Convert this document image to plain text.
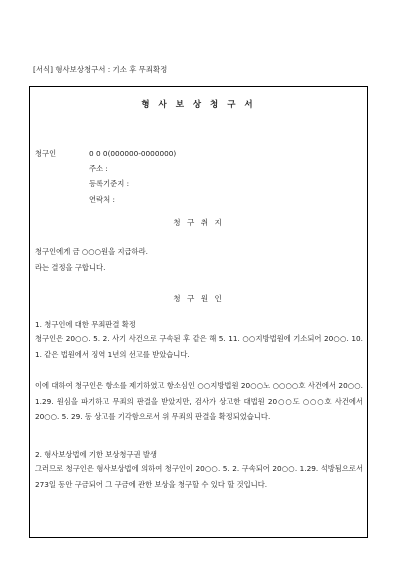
[서식] 형사보상청구서 : 기소 후 무죄확정
형 사 보 상 청 구 서
청구인	0 0 0(000000-0000000)
주소 :
등록기준지 :
연락처 :
청 구 취 지
청구인에게 금 ○○○원을 지급하라.
라는 결정을 구합니다.
청 구 원 인
1. 청구인에 대한 무죄판결 확정
청구인은 20○○. 5. 2. 사기 사건으로 구속된 후 같은 해 5. 11. ○○지방법원에 기소되어 20○○. 10. 1. 같은 법원에서 징역 1년의 선고를 받았습니다.
이에 대하여 청구인은 항소를 제기하였고 항소심인 ○○지방법원 20○○노 ○○○○호 사건에서 20○○. 1.29. 원심을 파기하고 무죄의 판결을 받았지만, 검사가 상고한 대법원 20○○도 ○○○호 사건에서 20○○. 5. 29. 동 상고를 기각함으로서 위 무죄의 판결을 확정되었습니다.
2. 형사보상법에 기한 보상청구권 발생
그러므로 청구인은 형사보상법에 의하여 청구인이 20○○. 5. 2. 구속되어 20○○. 1.29. 석방됨으로서 273일 동안 구금되어 그 구금에 관한 보상을 청구할 수 있다 할 것입니다.
